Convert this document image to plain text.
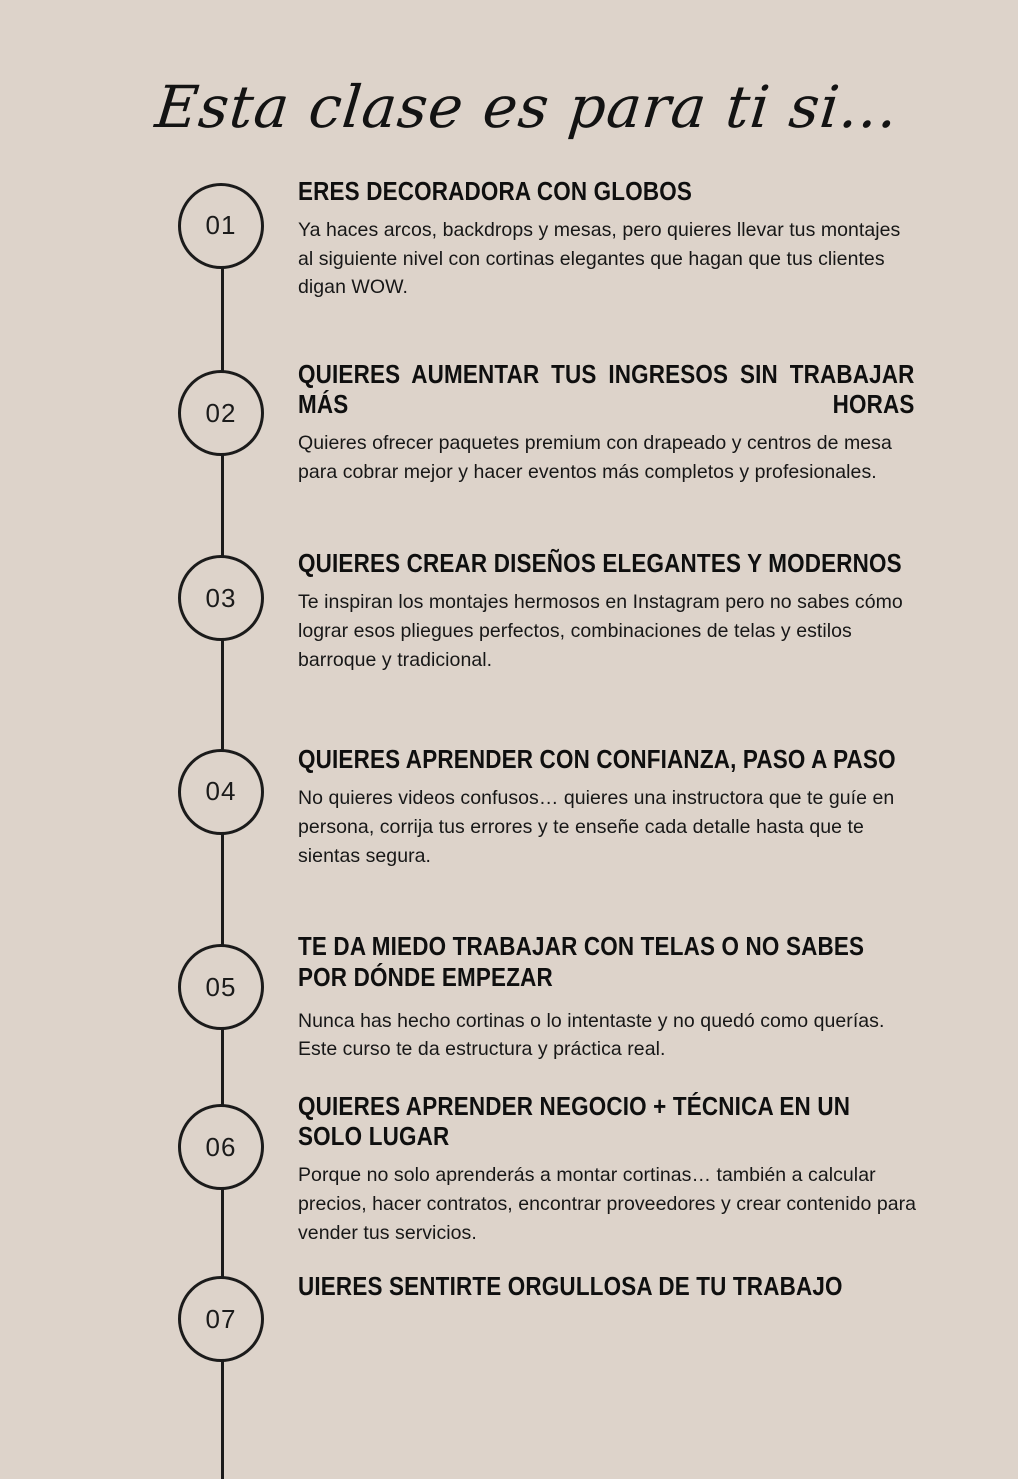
Esta clase es para ti si...
01

ERES DECORADORA CON GLOBOS

Ya haces arcos, backdrops y mesas, pero quieres llevar tus montajes al siguiente nivel con cortinas elegantes que hagan que tus clientes digan WOW.

02

QUIERES AUMENTAR TUS INGRESOS SIN TRABAJAR MÁS HORAS

Quieres ofrecer paquetes premium con drapeado y centros de mesa para cobrar mejor y hacer eventos más completos y profesionales.

03

QUIERES CREAR DISEÑOS ELEGANTES Y MODERNOS

Te inspiran los montajes hermosos en Instagram pero no sabes cómo lograr esos pliegues perfectos, combinaciones de telas y estilos barroque y tradicional.

04

QUIERES APRENDER CON CONFIANZA, PASO A PASO

No quieres videos confusos… quieres una instructora que te guíe en persona, corrija tus errores y te enseñe cada detalle hasta que te sientas segura.

05

TE DA MIEDO TRABAJAR CON TELAS O NO SABES POR DÓNDE EMPEZAR

Nunca has hecho cortinas o lo intentaste y no quedó como querías. Este curso te da estructura y práctica real.

06

QUIERES APRENDER NEGOCIO + TÉCNICA EN UN SOLO LUGAR

Porque no solo aprenderás a montar cortinas… también a calcular precios, hacer contratos, encontrar proveedores y crear contenido para vender tus servicios.

07

UIERES SENTIRTE ORGULLOSA DE TU TRABAJO
